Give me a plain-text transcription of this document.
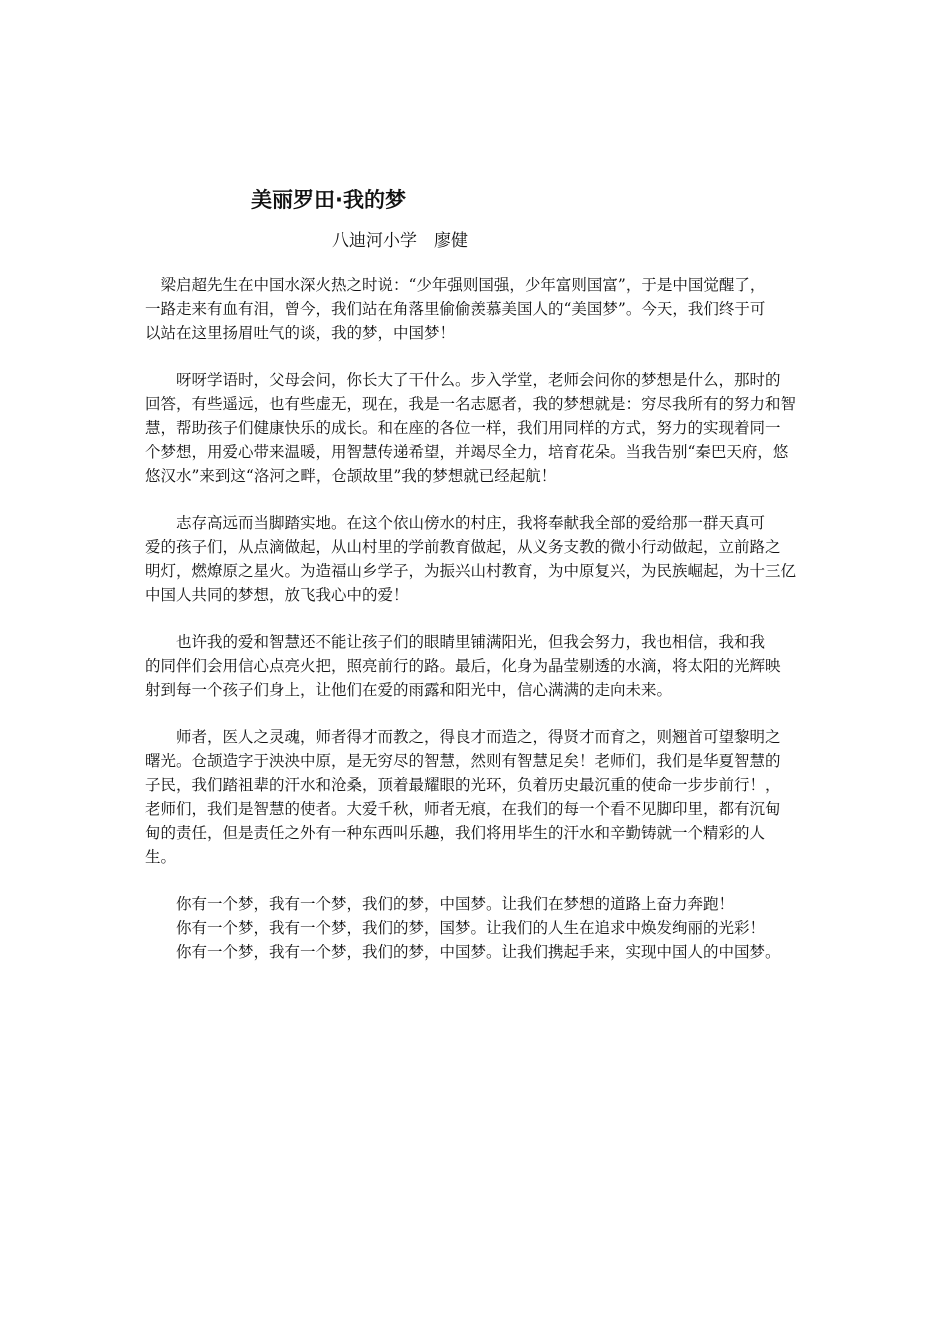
美丽罗田·我的梦
八迪河小学　廖健
　梁启超先生在中国水深火热之时说：“少年强则国强，少年富则国富”，于是中国觉醒了，
一路走来有血有泪，曾今，我们站在角落里偷偷羡慕美国人的“美国梦”。今天，我们终于可
以站在这里扬眉吐气的谈，我的梦，中国梦！
　　呀呀学语时，父母会问，你长大了干什么。步入学堂，老师会问你的梦想是什么，那时的
回答，有些遥远，也有些虚无，现在，我是一名志愿者，我的梦想就是：穷尽我所有的努力和智
慧，帮助孩子们健康快乐的成长。和在座的各位一样，我们用同样的方式，努力的实现着同一
个梦想，用爱心带来温暖，用智慧传递希望，并竭尽全力，培育花朵。当我告别“秦巴天府，悠
悠汉水”来到这“洛河之畔，仓颉故里”我的梦想就已经起航！
　　志存高远而当脚踏实地。在这个依山傍水的村庄，我将奉献我全部的爱给那一群天真可
爱的孩子们，从点滴做起，从山村里的学前教育做起，从义务支教的微小行动做起，立前路之
明灯，燃燎原之星火。为造福山乡学子，为振兴山村教育，为中原复兴，为民族崛起，为十三亿
中国人共同的梦想，放飞我心中的爱！
　　也许我的爱和智慧还不能让孩子们的眼睛里铺满阳光，但我会努力，我也相信，我和我
的同伴们会用信心点亮火把，照亮前行的路。最后，化身为晶莹剔透的水滴，将太阳的光辉映
射到每一个孩子们身上，让他们在爱的雨露和阳光中，信心满满的走向未来。
　　师者，医人之灵魂，师者得才而教之，得良才而造之，得贤才而育之，则翘首可望黎明之
曙光。仓颉造字于泱泱中原，是无穷尽的智慧，然则有智慧足矣！老师们，我们是华夏智慧的
子民，我们踏祖辈的汗水和沧桑，顶着最耀眼的光环，负着历史最沉重的使命一步步前行！，
老师们，我们是智慧的使者。大爱千秋，师者无痕，在我们的每一个看不见脚印里，都有沉甸
甸的责任，但是责任之外有一种东西叫乐趣，我们将用毕生的汗水和辛勤铸就一个精彩的人
生。
　　你有一个梦，我有一个梦，我们的梦，中国梦。让我们在梦想的道路上奋力奔跑！
　　你有一个梦，我有一个梦，我们的梦，国梦。让我们的人生在追求中焕发绚丽的光彩！
　　你有一个梦，我有一个梦，我们的梦，中国梦。让我们携起手来，实现中国人的中国梦。
